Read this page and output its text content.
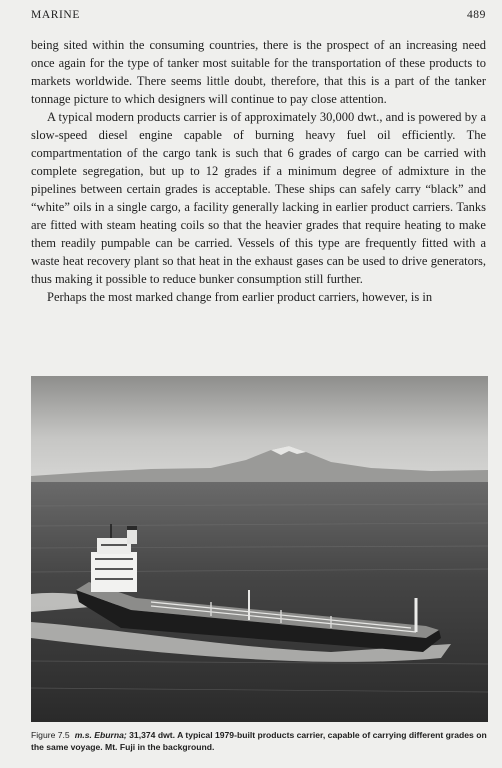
MARINE	489

being sited within the consuming countries, there is the prospect of an increasing need once again for the type of tanker most suitable for the transportation of these products to markets worldwide. There seems little doubt, therefore, that this is a part of the tanker tonnage picture to which designers will continue to pay close attention.

A typical modern products carrier is of approximately 30,000 dwt., and is powered by a slow-speed diesel engine capable of burning heavy fuel oil efficiently. The compartmentation of the cargo tank is such that 6 grades of cargo can be carried with complete segregation, but up to 12 grades if a minimum degree of admixture in the pipelines between certain grades is acceptable. These ships can safely carry “black” and “white” oils in a single cargo, a facility generally lacking in earlier product carriers. Tanks are fitted with steam heating coils so that the heavier grades that require heating to make them readily pumpable can be carried. Vessels of this type are frequently fitted with a waste heat recovery plant so that heat in the exhaust gases can be used to drive generators, thus making it possible to reduce bunker consumption still further.

Perhaps the most marked change from earlier product carriers, however, is in

Figure 7.5 m.s. Eburna; 31,374 dwt. A typical 1979-built products carrier, capable of carrying different grades on the same voyage. Mt. Fuji in the background.
